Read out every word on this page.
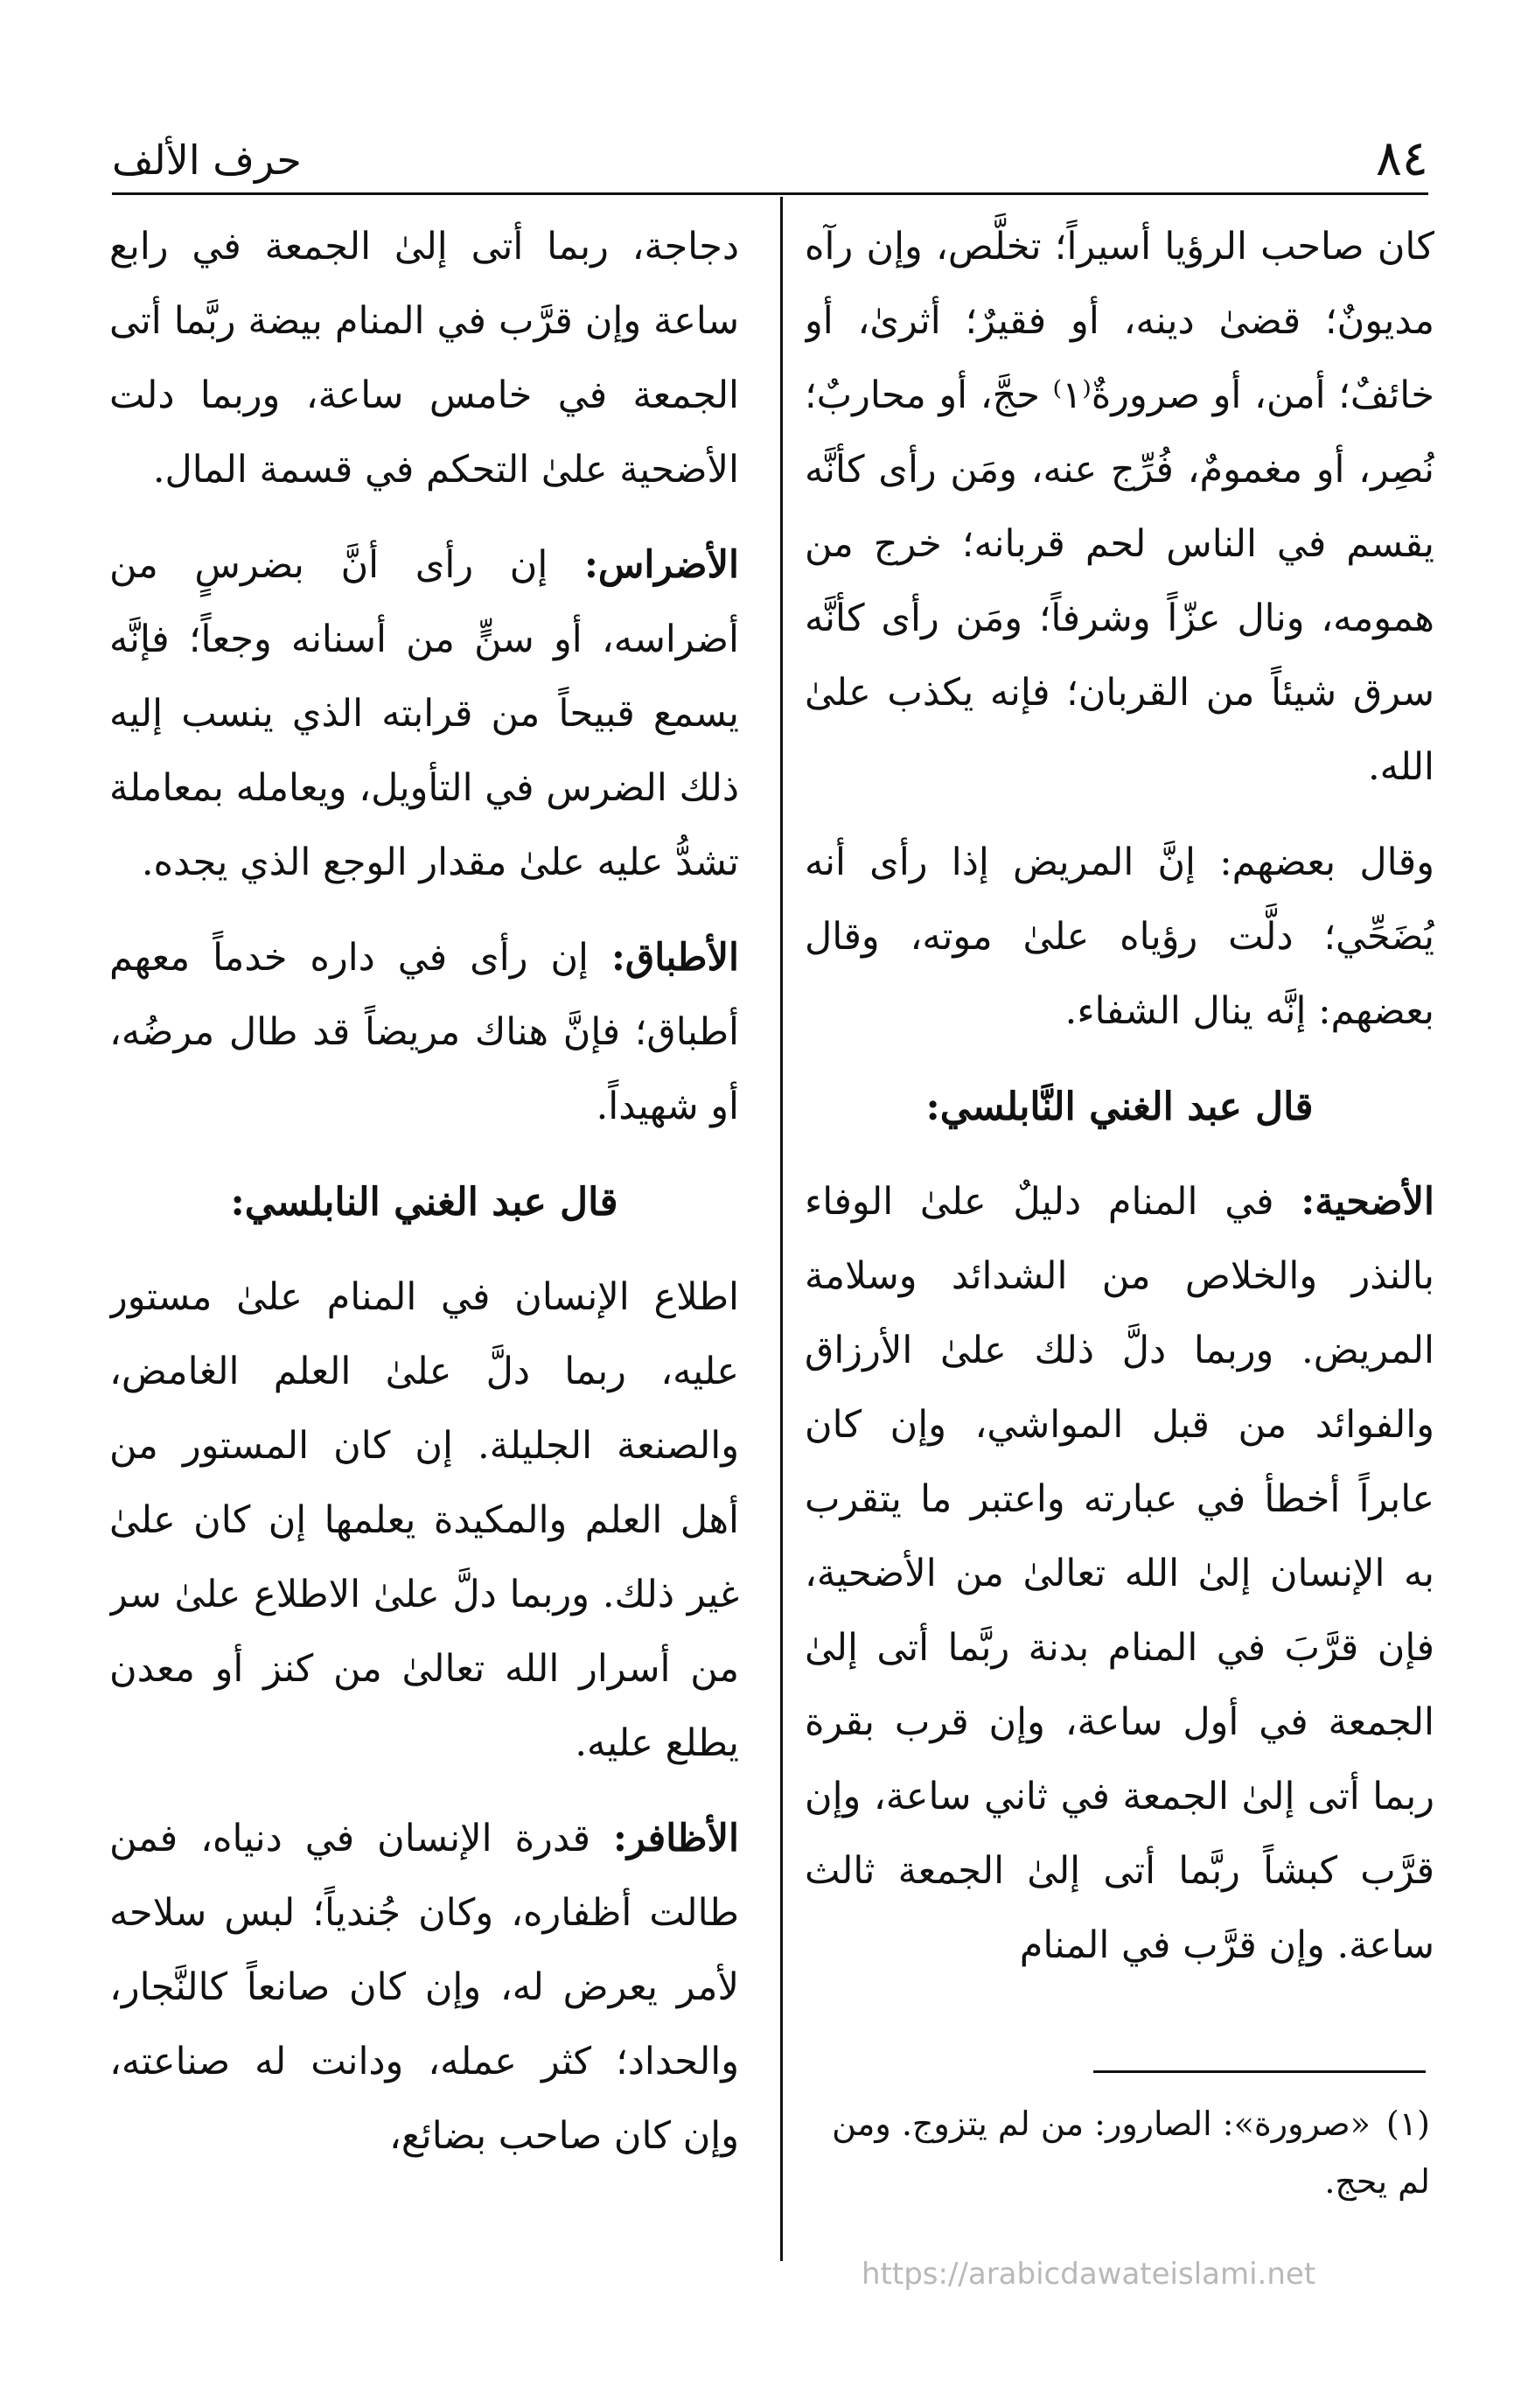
٨٤
حرف الألف

كان صاحب الرؤيا أسيراً؛ تخلَّص، وإن رآه مديونٌ؛ قضىٰ دينه، أو فقيرٌ؛ أثرىٰ، أو خائفٌ؛ أمن، أو صرورةٌ⁽١⁾ حجَّ، أو محاربٌ؛ نُصِر، أو مغمومٌ، فُرِّج عنه، ومَن رأى كأنَّه يقسم في الناس لحم قربانه؛ خرج من همومه، ونال عزّاً وشرفاً؛ ومَن رأى كأنَّه سرق شيئاً من القربان؛ فإنه يكذب علىٰ الله.

وقال بعضهم: إنَّ المريض إذا رأى أنه يُضَحِّي؛ دلَّت رؤياه علىٰ موته، وقال بعضهم: إنَّه ينال الشفاء.

قال عبد الغني النَّابلسي:

الأضحية: في المنام دليلٌ علىٰ الوفاء بالنذر والخلاص من الشدائد وسلامة المريض. وربما دلَّ ذلك علىٰ الأرزاق والفوائد من قبل المواشي، وإن كان عابراً أخطأ في عبارته واعتبر ما يتقرب به الإنسان إلىٰ الله تعالىٰ من الأضحية، فإن قرَّبَ في المنام بدنة ربَّما أتى إلىٰ الجمعة في أول ساعة، وإن قرب بقرة ربما أتى إلىٰ الجمعة في ثاني ساعة، وإن قرَّب كبشاً ربَّما أتى إلىٰ الجمعة ثالث ساعة. وإن قرَّب في المنام

دجاجة، ربما أتى إلىٰ الجمعة في رابع ساعة وإن قرَّب في المنام بيضة ربَّما أتى الجمعة في خامس ساعة، وربما دلت الأضحية علىٰ التحكم في قسمة المال.

الأضراس: إن رأى أنَّ بضرسٍ من أضراسه، أو سنٍّ من أسنانه وجعاً؛ فإنَّه يسمع قبيحاً من قرابته الذي ينسب إليه ذلك الضرس في التأويل، ويعامله بمعاملة تشدُّ عليه علىٰ مقدار الوجع الذي يجده.

الأطباق: إن رأى في داره خدماً معهم أطباق؛ فإنَّ هناك مريضاً قد طال مرضُه، أو شهيداً.

قال عبد الغني النابلسي:

اطلاع الإنسان في المنام علىٰ مستور عليه، ربما دلَّ علىٰ العلم الغامض، والصنعة الجليلة. إن كان المستور من أهل العلم والمكيدة يعلمها إن كان علىٰ غير ذلك. وربما دلَّ علىٰ الاطلاع علىٰ سر من أسرار الله تعالىٰ من كنز أو معدن يطلع عليه.

الأظافر: قدرة الإنسان في دنياه، فمن طالت أظفاره، وكان جُندياً؛ لبس سلاحه لأمر يعرض له، وإن كان صانعاً كالنَّجار، والحداد؛ كثر عمله، ودانت له صناعته، وإن كان صاحب بضائع،	(١)«صرورة»: الصارور: من لم يتزوج. ومن لم يحج.
https://arabicdawateislami.net
